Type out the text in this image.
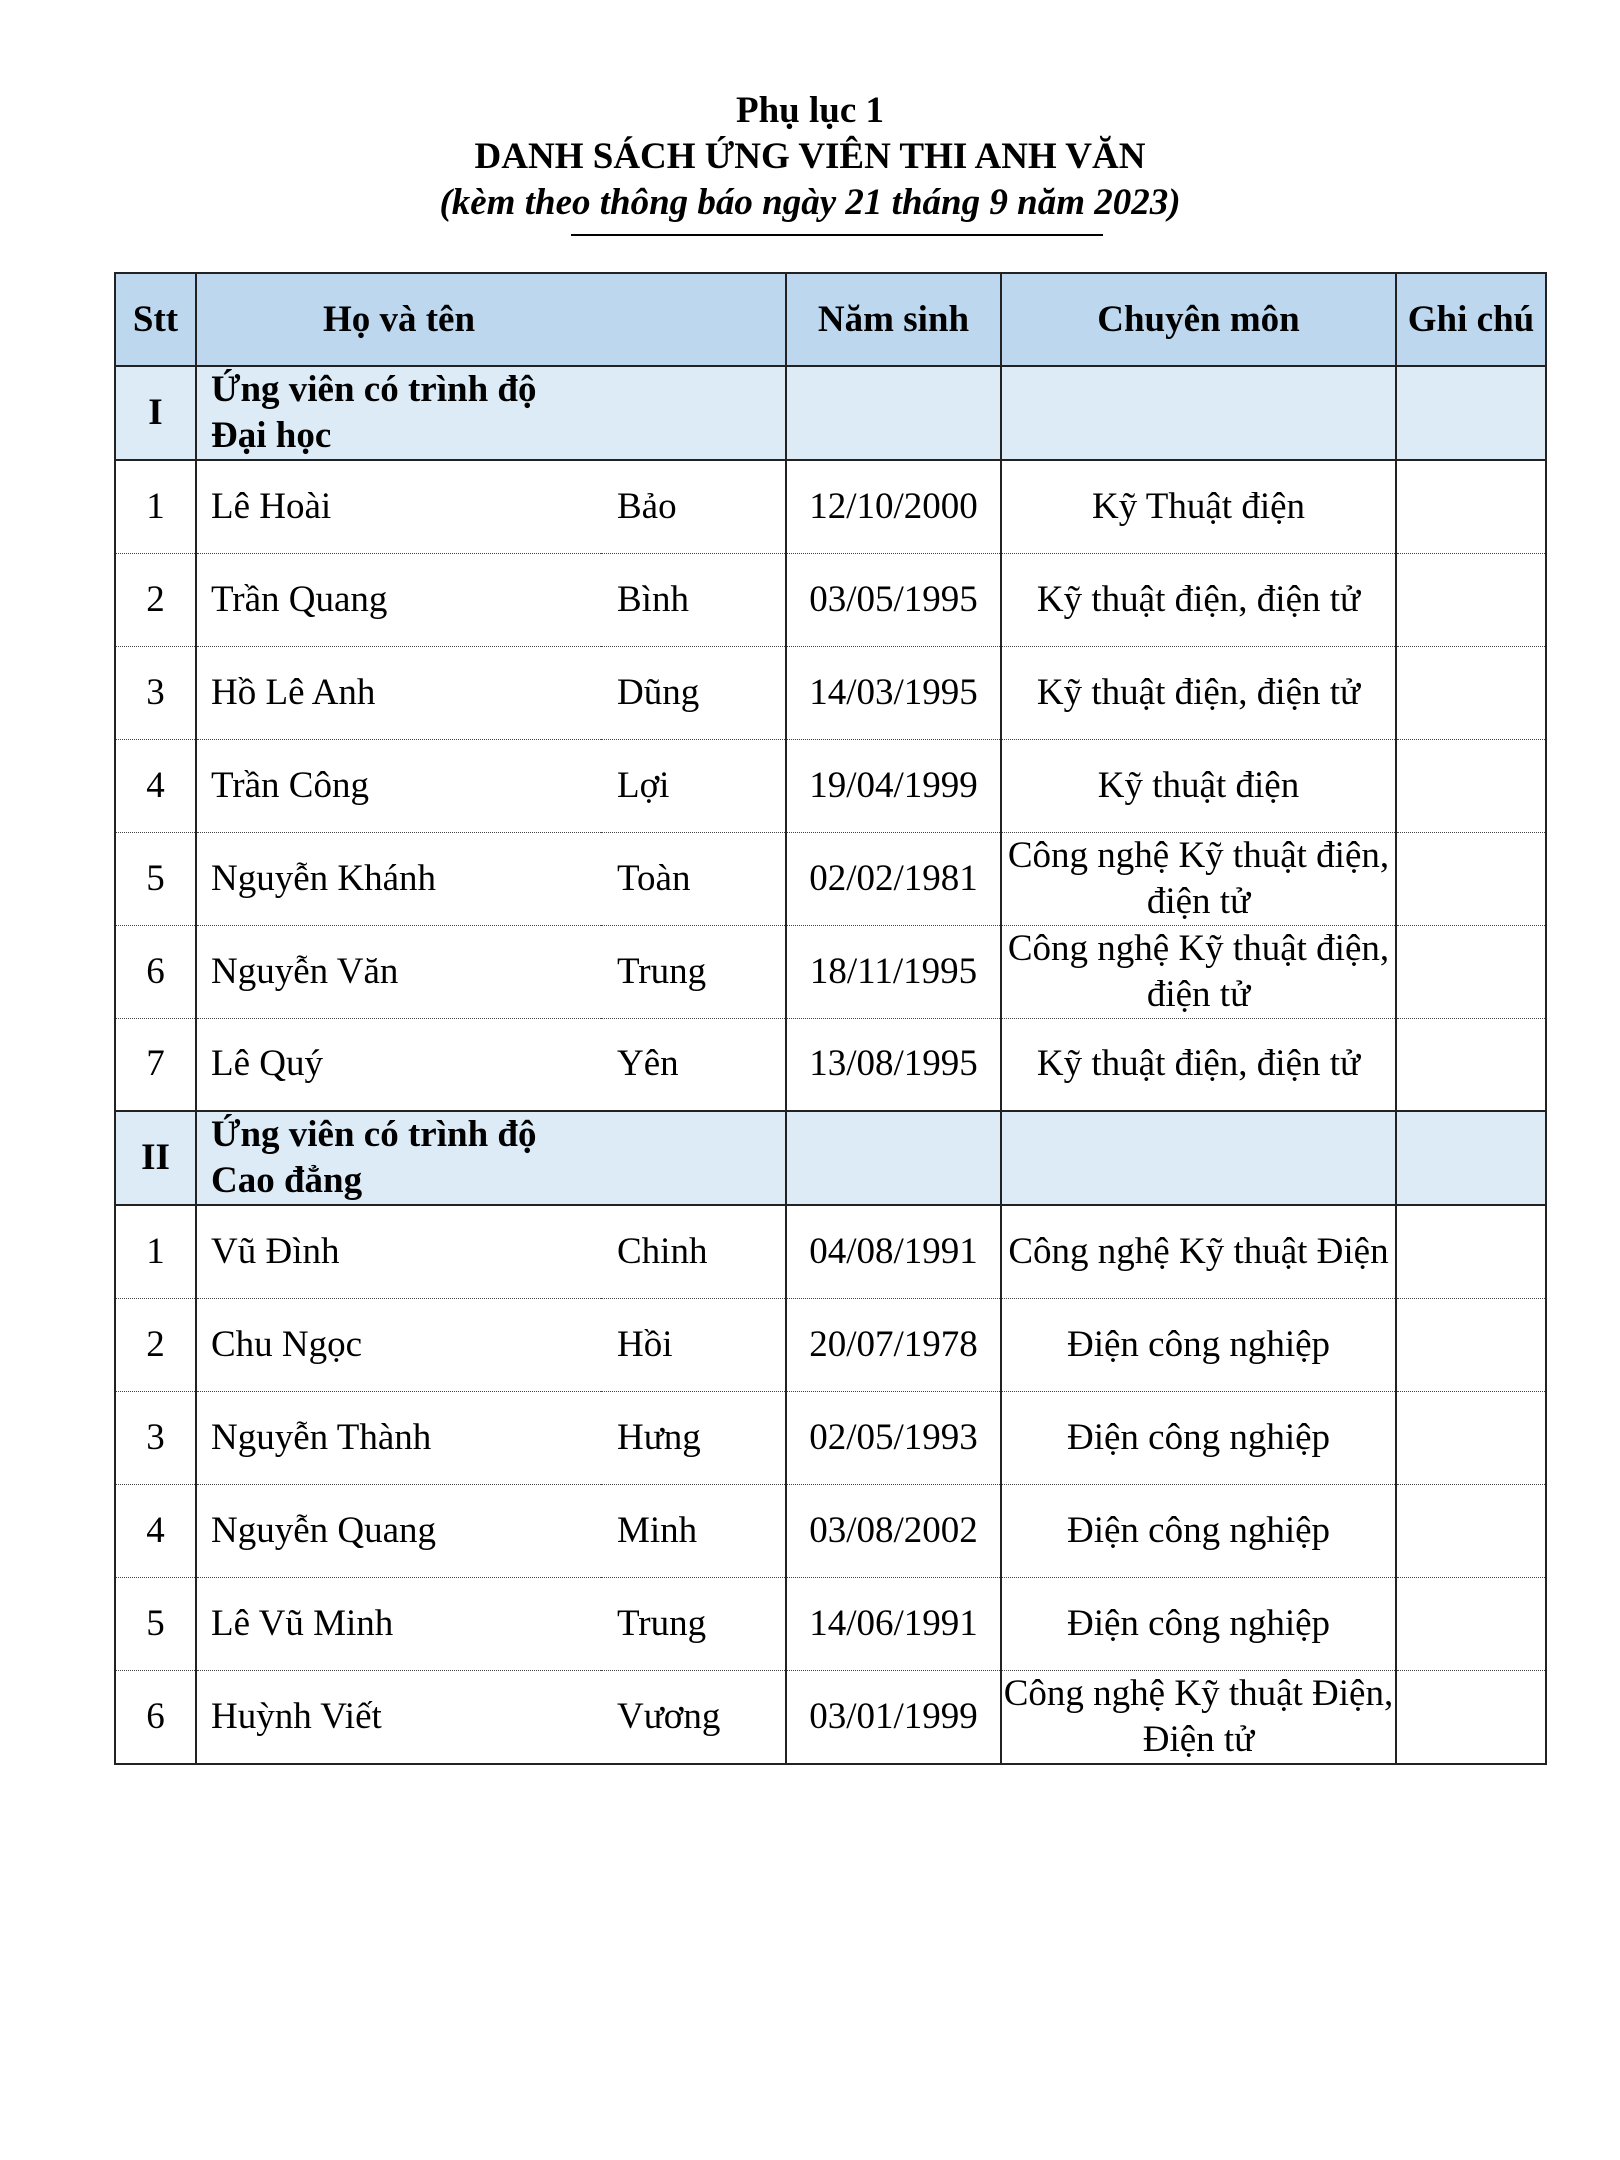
Phụ lục 1
DANH SÁCH ỨNG VIÊN THI ANH VĂN
(kèm theo thông báo ngày 21 tháng 9 năm 2023)
Stt	Họ và tên		Năm sinh	Chuyên môn	Ghi chú
I	Ứng viên có trình độ Đại học				
1	Lê Hoài	Bảo	12/10/2000	Kỹ Thuật điện	
2	Trần Quang	Bình	03/05/1995	Kỹ thuật điện, điện tử	
3	Hồ Lê Anh	Dũng	14/03/1995	Kỹ thuật điện, điện tử	
4	Trần Công	Lợi	19/04/1999	Kỹ thuật điện	
5	Nguyễn Khánh	Toàn	02/02/1981	Công nghệ Kỹ thuật điện, điện tử	
6	Nguyễn Văn	Trung	18/11/1995	Công nghệ Kỹ thuật điện, điện tử	
7	Lê Quý	Yên	13/08/1995	Kỹ thuật điện, điện tử	
II	Ứng viên có trình độ Cao đẳng				
1	Vũ Đình	Chinh	04/08/1991	Công nghệ Kỹ thuật Điện	
2	Chu Ngọc	Hồi	20/07/1978	Điện công nghiệp	
3	Nguyễn Thành	Hưng	02/05/1993	Điện công nghiệp	
4	Nguyễn Quang	Minh	03/08/2002	Điện công nghiệp	
5	Lê Vũ Minh	Trung	14/06/1991	Điện công nghiệp	
6	Huỳnh Viết	Vương	03/01/1999	Công nghệ Kỹ thuật Điện, Điện tử	
